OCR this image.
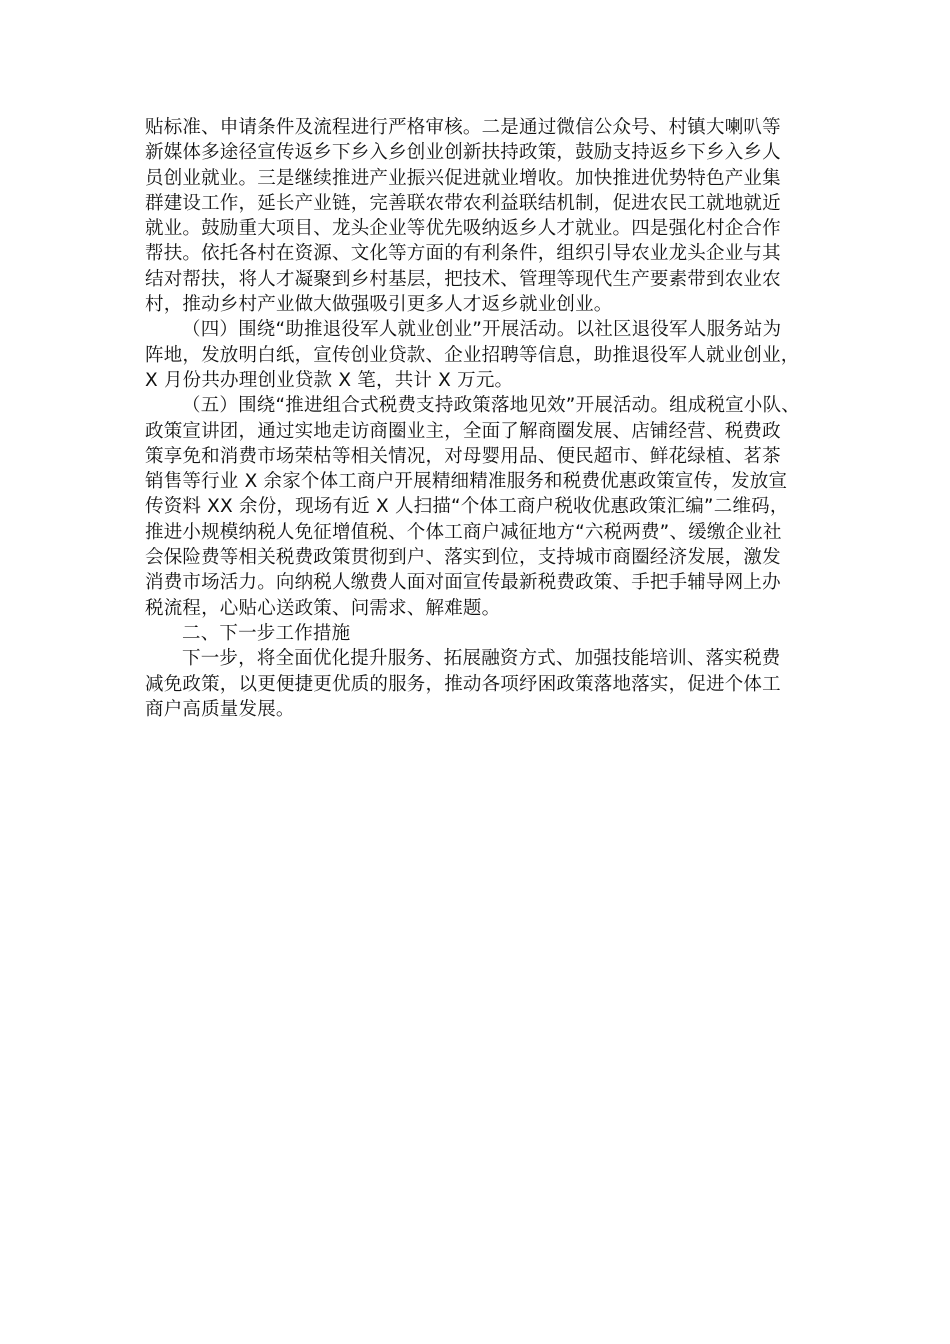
贴标准、申请条件及流程进行严格审核。二是通过微信公众号、村镇大喇叭等
新媒体多途径宣传返乡下乡入乡创业创新扶持政策，鼓励支持返乡下乡入乡人
员创业就业。三是继续推进产业振兴促进就业增收。加快推进优势特色产业集
群建设工作，延长产业链，完善联农带农利益联结机制，促进农民工就地就近
就业。鼓励重大项目、龙头企业等优先吸纳返乡人才就业。四是强化村企合作
帮扶。依托各村在资源、文化等方面的有利条件，组织引导农业龙头企业与其
结对帮扶，将人才凝聚到乡村基层，把技术、管理等现代生产要素带到农业农
村，推动乡村产业做大做强吸引更多人才返乡就业创业。
（四）围绕“助推退役军人就业创业”开展活动。以社区退役军人服务站为
阵地，发放明白纸，宣传创业贷款、企业招聘等信息，助推退役军人就业创业，
X 月份共办理创业贷款 X 笔，共计 X 万元。
（五）围绕“推进组合式税费支持政策落地见效”开展活动。组成税宣小队、
政策宣讲团，通过实地走访商圈业主，全面了解商圈发展、店铺经营、税费政
策享免和消费市场荣枯等相关情况，对母婴用品、便民超市、鲜花绿植、茗茶
销售等行业 X 余家个体工商户开展精细精准服务和税费优惠政策宣传，发放宣
传资料 XX 余份，现场有近 X 人扫描“个体工商户税收优惠政策汇编”二维码，
推进小规模纳税人免征增值税、个体工商户减征地方“六税两费”、缓缴企业社
会保险费等相关税费政策贯彻到户、落实到位，支持城市商圈经济发展，激发
消费市场活力。向纳税人缴费人面对面宣传最新税费政策、手把手辅导网上办
税流程，心贴心送政策、问需求、解难题。
二、下一步工作措施
下一步，将全面优化提升服务、拓展融资方式、加强技能培训、落实税费
减免政策，以更便捷更优质的服务，推动各项纾困政策落地落实，促进个体工
商户高质量发展。
